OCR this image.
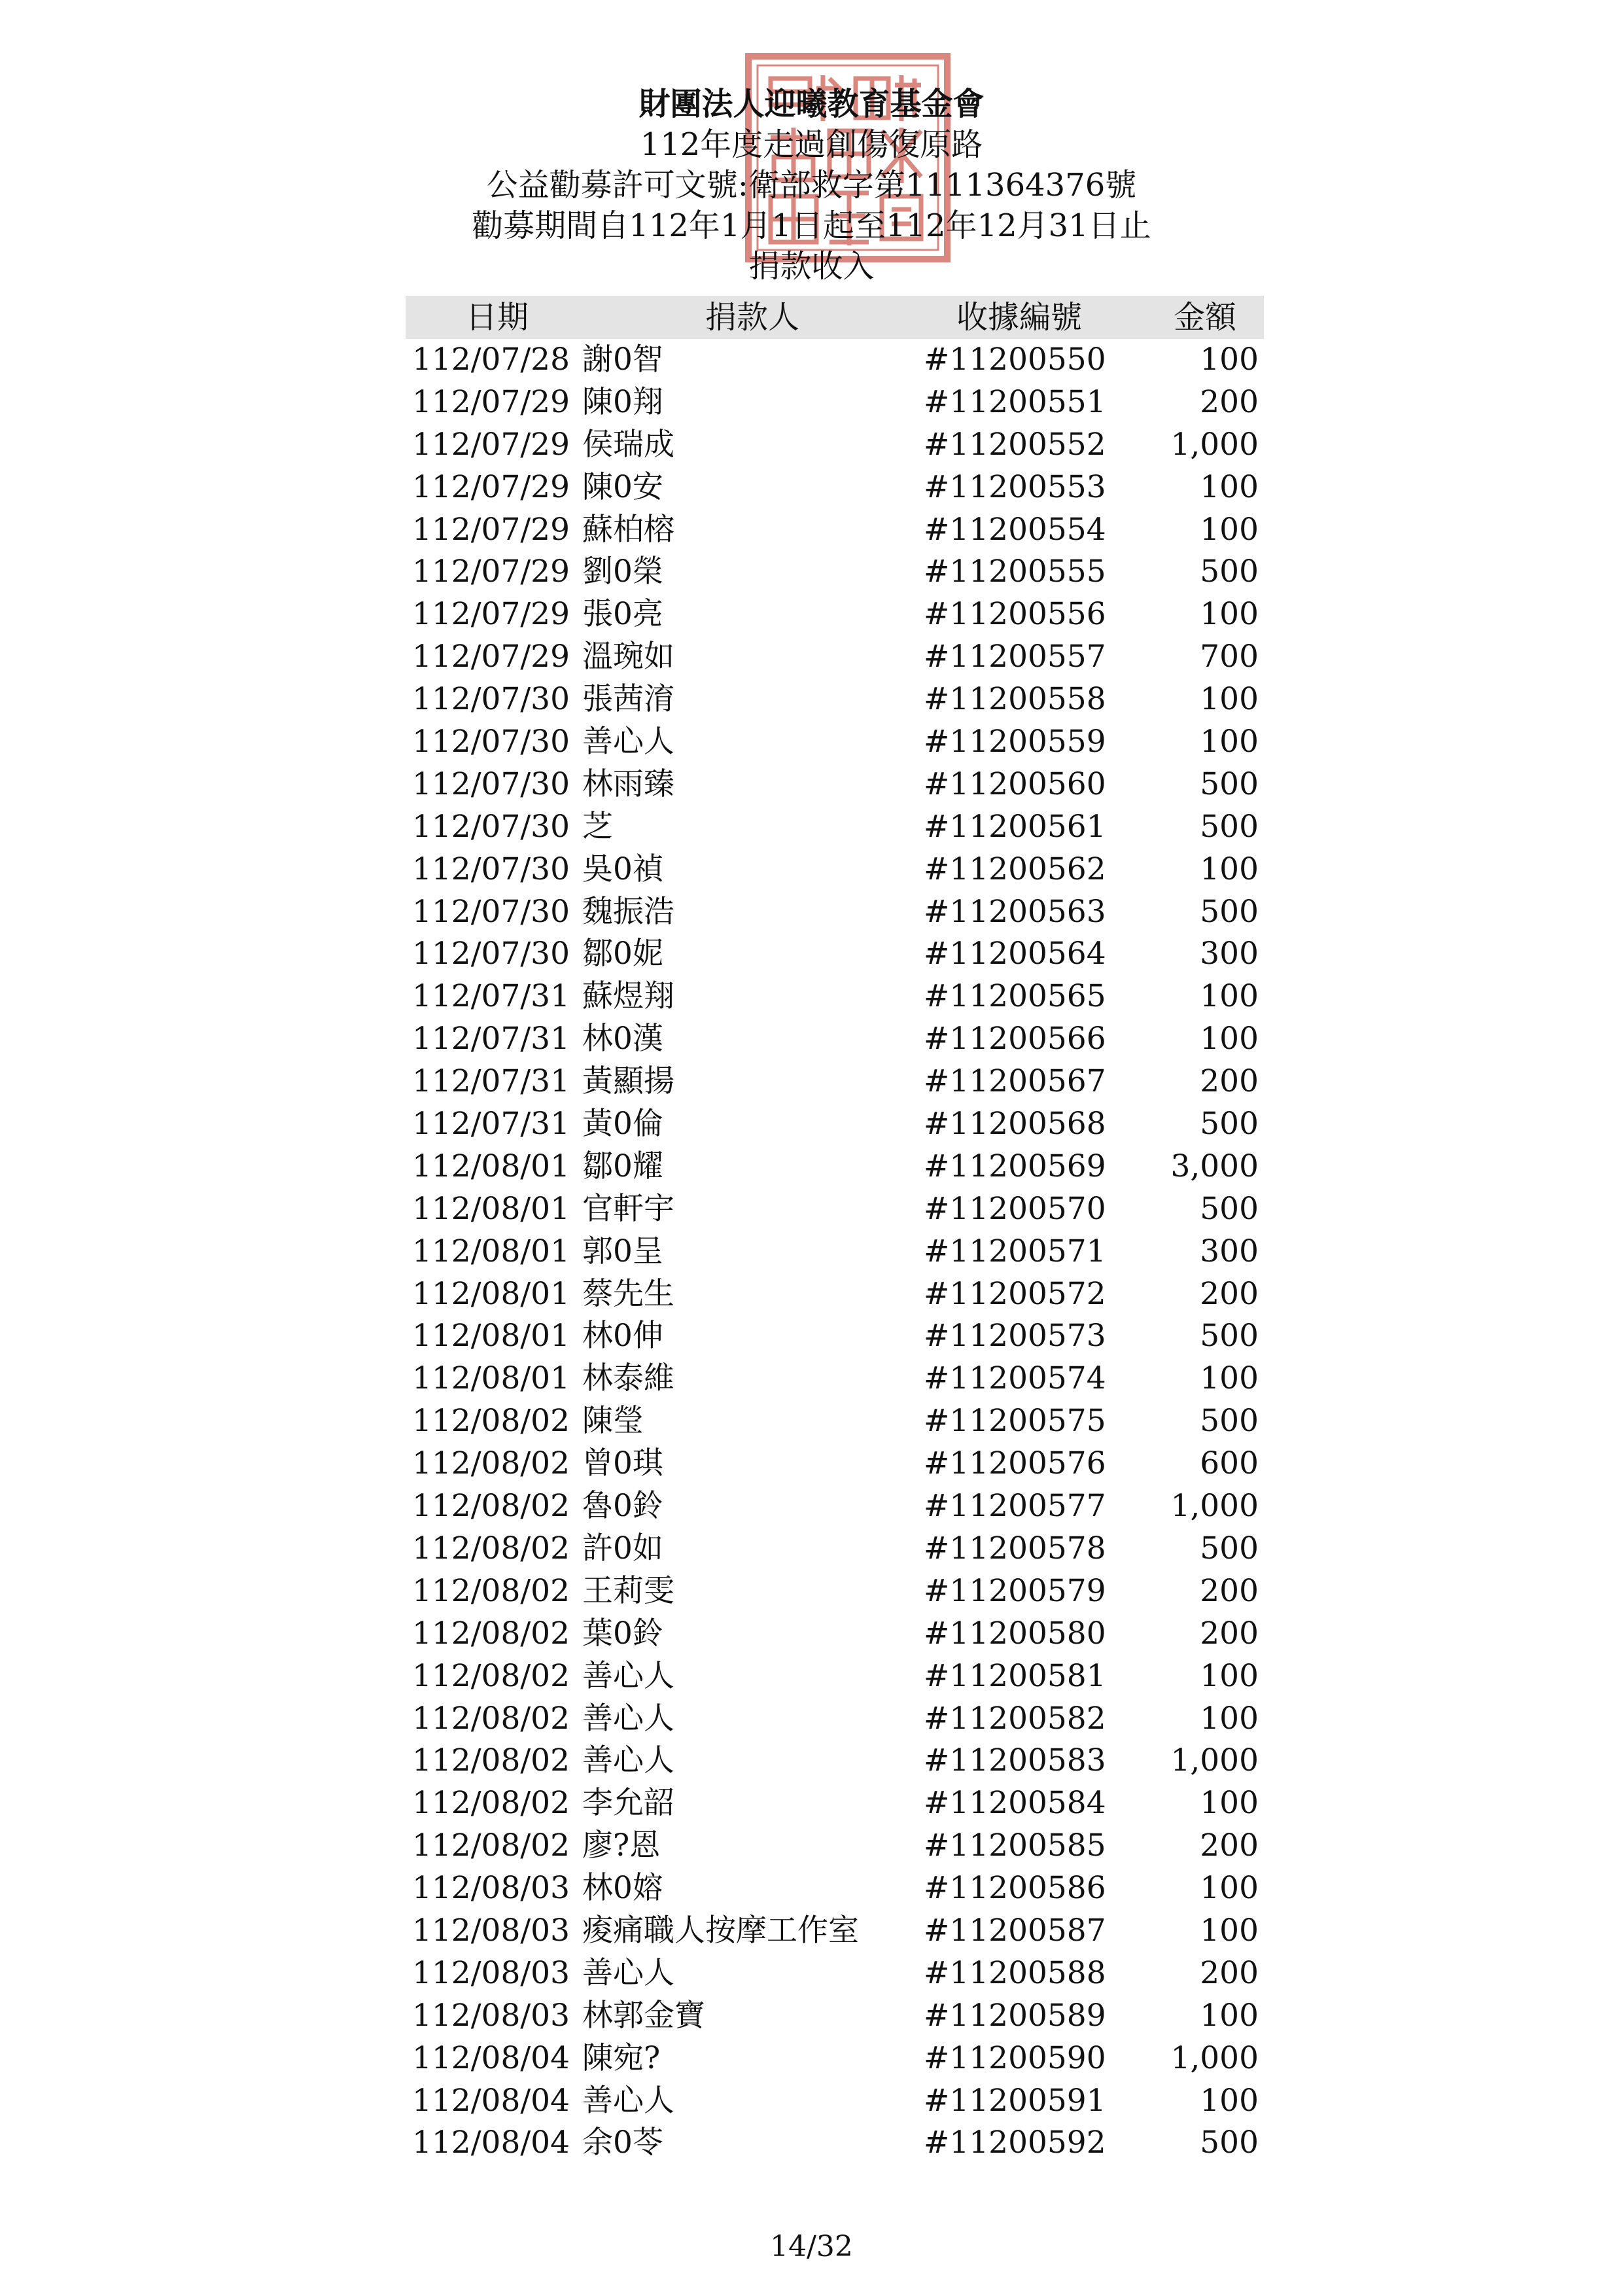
財團法人迎曦教育基金會
112年度走過創傷復原路
公益勸募許可文號:衛部救字第1111364376號
勸募期間自112年1月1日起至112年12月31日止
捐款收入
日期	捐款人	收據編號	金額
112/07/28 謝0智	#11200550	100
112/07/29 陳0翔	#11200551	200
112/07/29 侯瑞成	#11200552 1,000
112/07/29 陳0安	#11200553	100
112/07/29 蘇柏榕	#11200554	100
112/07/29 劉0榮	#11200555	500
112/07/29 張0亮	#11200556	100
112/07/29 溫琬如	#11200557	700
112/07/30 張茜淯	#11200558	100
112/07/30 善心人	#11200559	100
112/07/30 林雨臻	#11200560	500
112/07/30 芝	#11200561	500
112/07/30 吳0禎	#11200562	100
112/07/30 魏振浩	#11200563	500
112/07/30 鄒0妮	#11200564	300
112/07/31 蘇煜翔	#11200565	100
112/07/31 林0漢	#11200566	100
112/07/31 黃顯揚	#11200567	200
112/07/31 黃0倫	#11200568	500
112/08/01 鄒0耀	#11200569 3,000
112/08/01 官軒宇	#11200570	500
112/08/01 郭0呈	#11200571	300
112/08/01 蔡先生	#11200572	200
112/08/01 林0伸	#11200573	500
112/08/01 林泰維	#11200574	100
112/08/02 陳瑩	#11200575	500
112/08/02 曾0琪	#11200576	600
112/08/02 魯0鈴	#11200577 1,000
112/08/02 許0如	#11200578	500
112/08/02 王莉雯	#11200579	200
112/08/02 葉0鈴	#11200580	200
112/08/02 善心人	#11200581	100
112/08/02 善心人	#11200582	100
112/08/02 善心人	#11200583 1,000
112/08/02 李允韶	#11200584	100
112/08/02 廖?恩	#11200585	200
112/08/03 林0嫆	#11200586	100
112/08/03 痠痛職人按摩工作室 #11200587	100
112/08/03 善心人	#11200588	200
112/08/03 林郭金寶	#11200589	100
112/08/04 陳宛?	#11200590 1,000
112/08/04 善心人	#11200591	100
112/08/04 余0苓	#11200592	500
14/32
